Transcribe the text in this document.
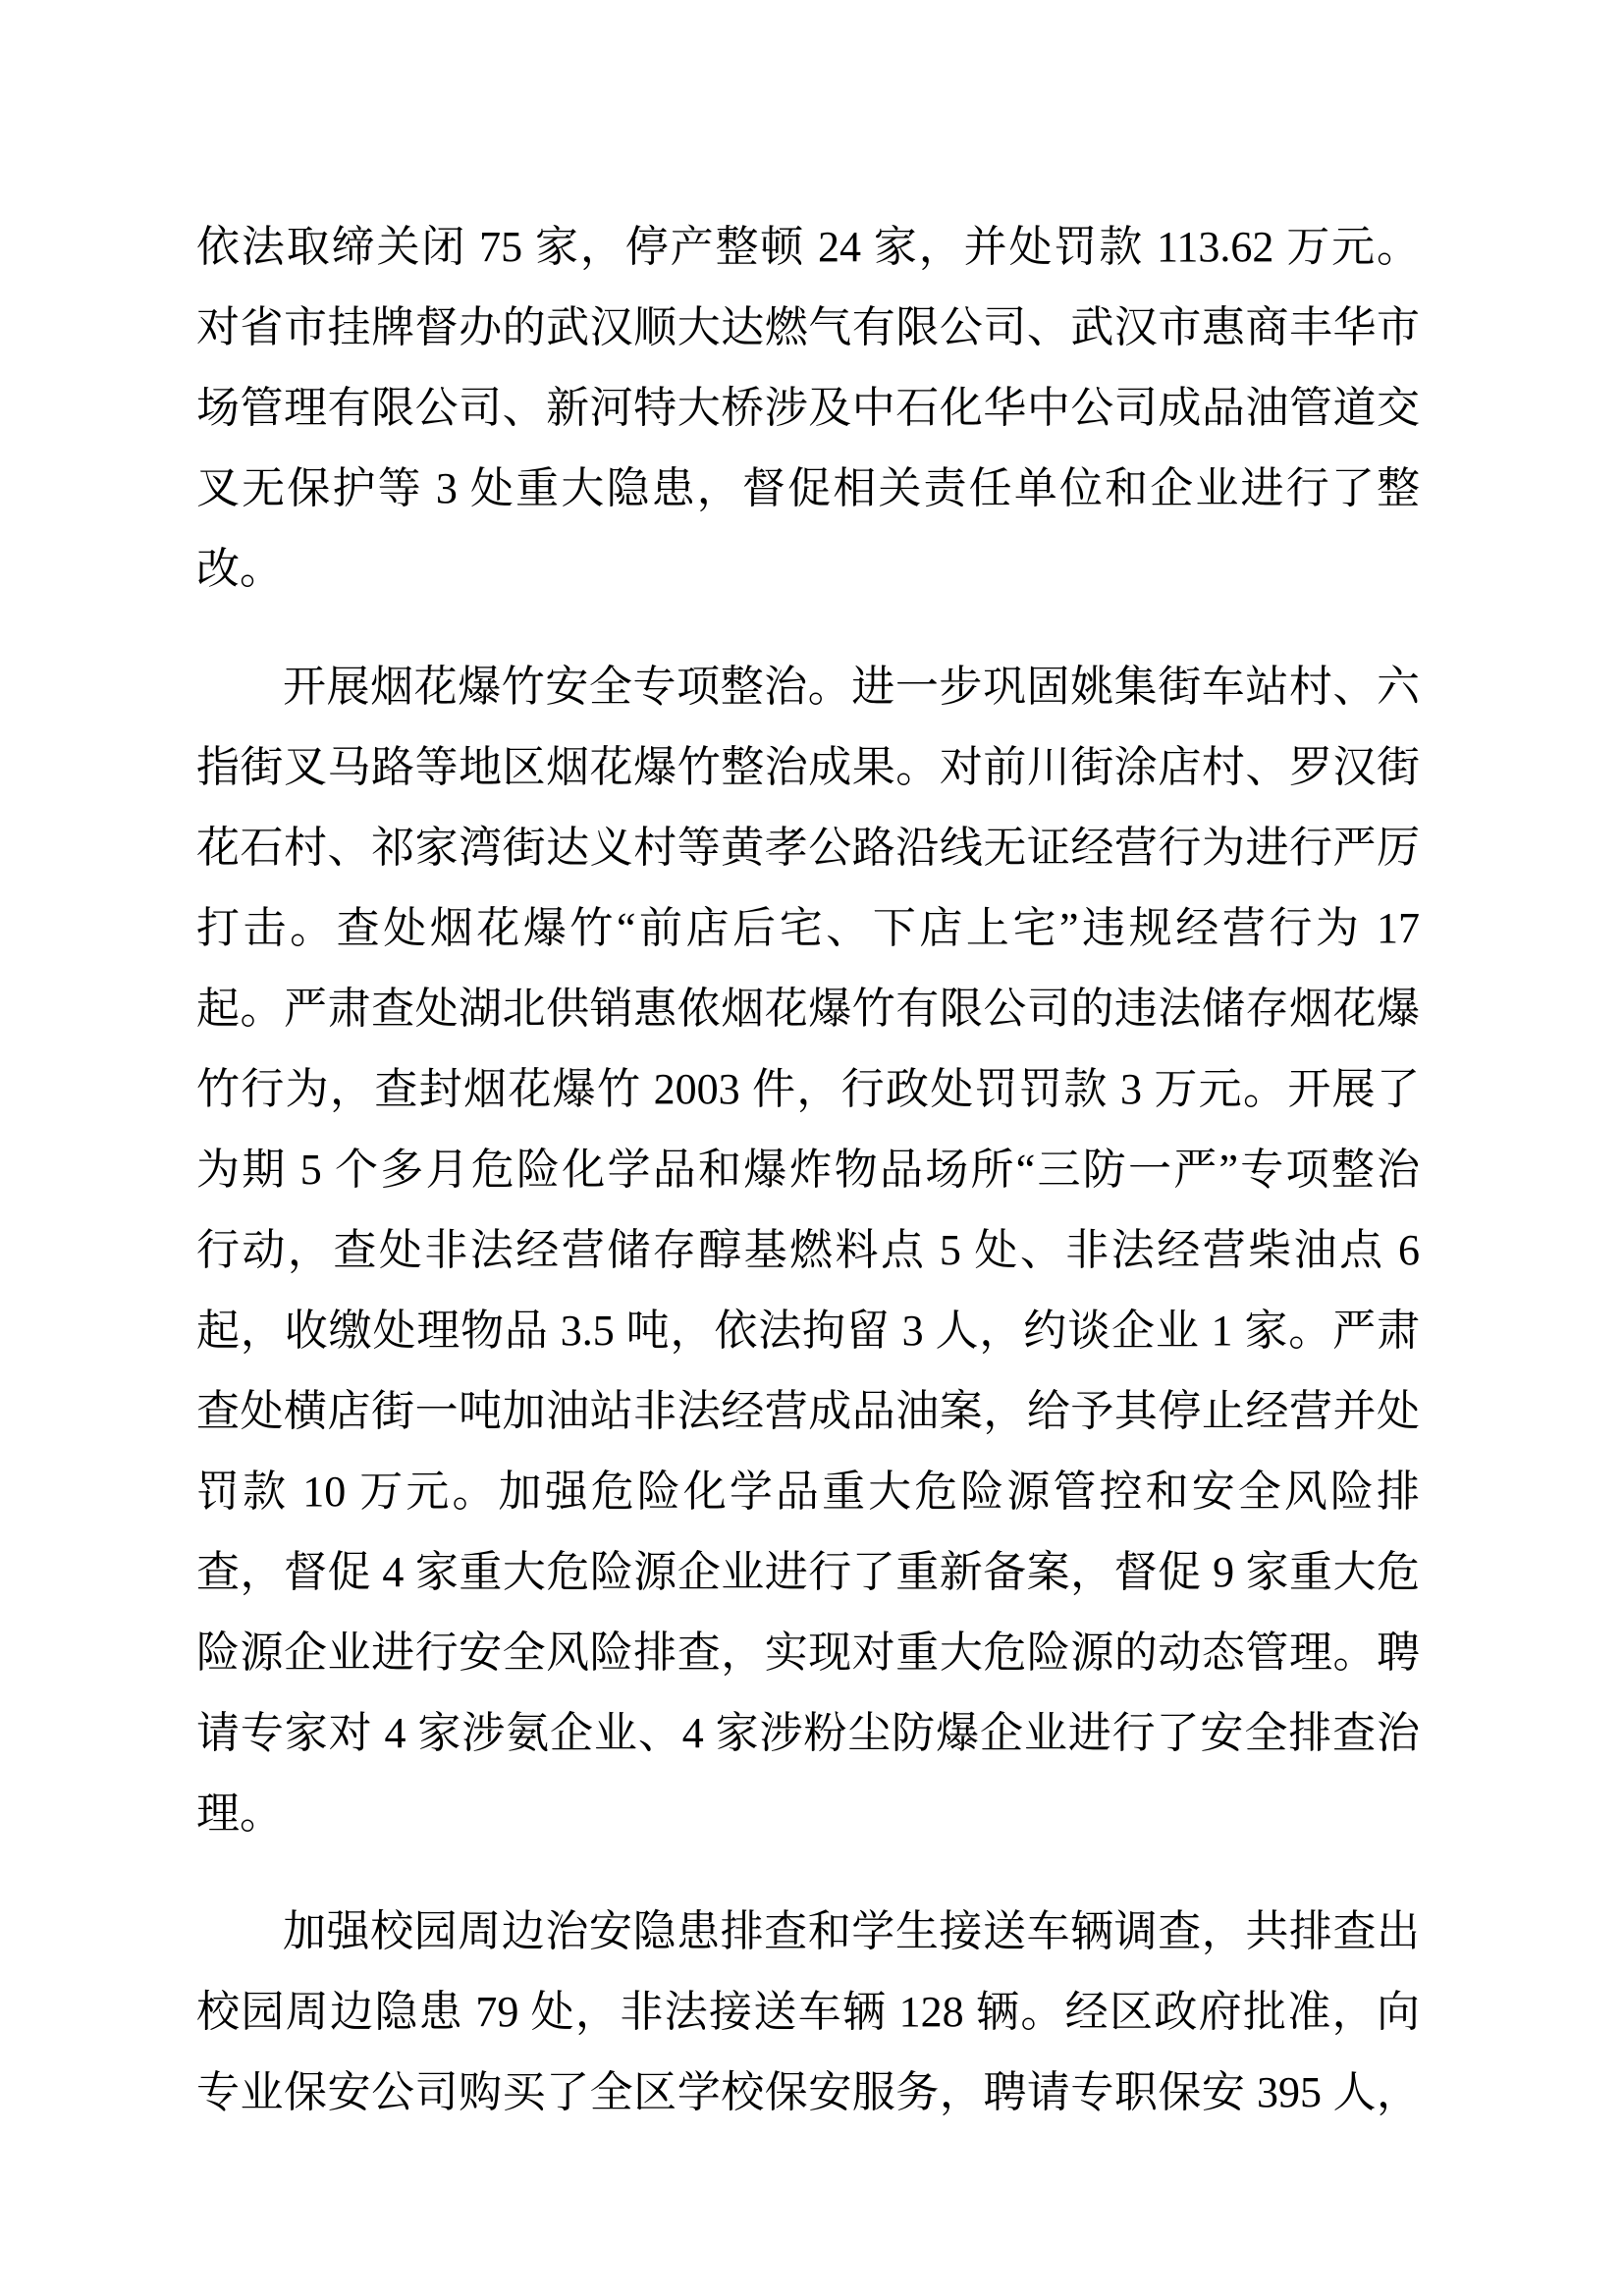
依法取缔关闭 75 家，停产整顿 24 家，并处罚款 113.62 万元。
对省市挂牌督办的武汉顺大达燃气有限公司、武汉市惠商丰华市
场管理有限公司、新河特大桥涉及中石化华中公司成品油管道交
叉无保护等 3 处重大隐患，督促相关责任单位和企业进行了整
改。
开展烟花爆竹安全专项整治。进一步巩固姚集街车站村、六
指街叉马路等地区烟花爆竹整治成果。对前川街涂店村、罗汉街
花石村、祁家湾街达义村等黄孝公路沿线无证经营行为进行严厉
打击。查处烟花爆竹“前店后宅、下店上宅”违规经营行为 17
起。严肃查处湖北供销惠侬烟花爆竹有限公司的违法储存烟花爆
竹行为，查封烟花爆竹 2003 件，行政处罚罚款 3 万元。开展了
为期 5 个多月危险化学品和爆炸物品场所“三防一严”专项整治
行动，查处非法经营储存醇基燃料点 5 处、非法经营柴油点 6
起，收缴处理物品 3.5 吨，依法拘留 3 人，约谈企业 1 家。严肃
查处横店街一吨加油站非法经营成品油案，给予其停止经营并处
罚款 10 万元。加强危险化学品重大危险源管控和安全风险排
查，督促 4 家重大危险源企业进行了重新备案，督促 9 家重大危
险源企业进行安全风险排查，实现对重大危险源的动态管理。聘
请专家对 4 家涉氨企业、4 家涉粉尘防爆企业进行了安全排查治
理。
加强校园周边治安隐患排查和学生接送车辆调查，共排查出
校园周边隐患 79 处，非法接送车辆 128 辆。经区政府批准，向
专业保安公司购买了全区学校保安服务，聘请专职保安 395 人，
